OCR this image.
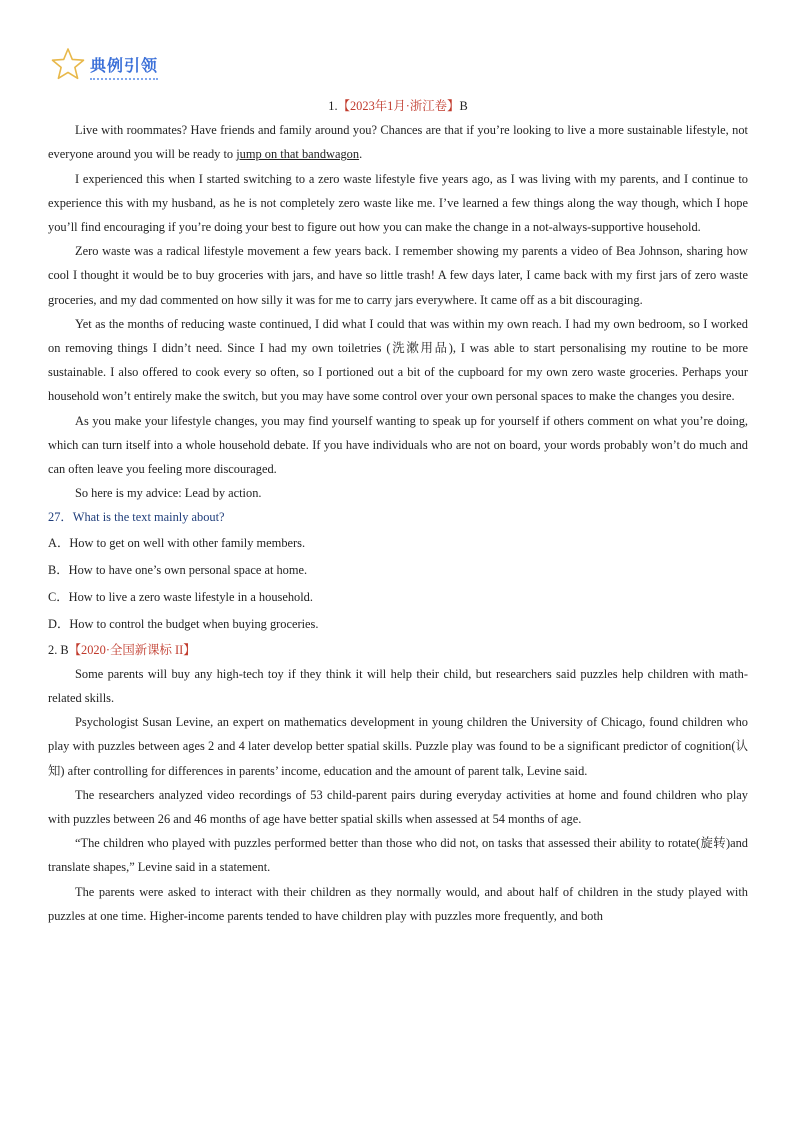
典例引领
1.【2023年1月·浙江卷】B

Live with roommates? Have friends and family around you? Chances are that if you’re looking to live a more sustainable lifestyle, not everyone around you will be ready to jump on that bandwagon.

I experienced this when I started switching to a zero waste lifestyle five years ago, as I was living with my parents, and I continue to experience this with my husband, as he is not completely zero waste like me. I’ve learned a few things along the way though, which I hope you’ll find encouraging if you’re doing your best to figure out how you can make the change in a not-always-supportive household.

Zero waste was a radical lifestyle movement a few years back. I remember showing my parents a video of Bea Johnson, sharing how cool I thought it would be to buy groceries with jars, and have so little trash! A few days later, I came back with my first jars of zero waste groceries, and my dad commented on how silly it was for me to carry jars everywhere. It came off as a bit discouraging.

Yet as the months of reducing waste continued, I did what I could that was within my own reach. I had my own bedroom, so I worked on removing things I didn’t need. Since I had my own toiletries (洗漱用品), I was able to start personalising my routine to be more sustainable. I also offered to cook every so often, so I portioned out a bit of the cupboard for my own zero waste groceries. Perhaps your household won’t entirely make the switch, but you may have some control over your own personal spaces to make the changes you desire.

As you make your lifestyle changes, you may find yourself wanting to speak up for yourself if others comment on what you’re doing, which can turn itself into a whole household debate. If you have individuals who are not on board, your words probably won’t do much and can often leave you feeling more discouraged.

So here is my advice: Lead by action.

27．What is the text mainly about?
A．How to get on well with other family members.
B．How to have one’s own personal space at home.
C．How to live a zero waste lifestyle in a household.
D．How to control the budget when buying groceries.
2. B【2020·全国新课标 II】

Some parents will buy any high-tech toy if they think it will help their child, but researchers said puzzles help children with math-related skills.

Psychologist Susan Levine, an expert on mathematics development in young children the University of Chicago, found children who play with puzzles between ages 2 and 4 later develop better spatial skills. Puzzle play was found to be a significant predictor of cognition(认知) after controlling for differences in parents’ income, education and the amount of parent talk, Levine said.

The researchers analyzed video recordings of 53 child-parent pairs during everyday activities at home and found children who play with puzzles between 26 and 46 months of age have better spatial skills when assessed at 54 months of age.

“The children who played with puzzles performed better than those who did not, on tasks that assessed their ability to rotate(旋转)and translate shapes,” Levine said in a statement.

The parents were asked to interact with their children as they normally would, and about half of children in the study played with puzzles at one time. Higher-income parents tended to have children play with puzzles more frequently, and both
